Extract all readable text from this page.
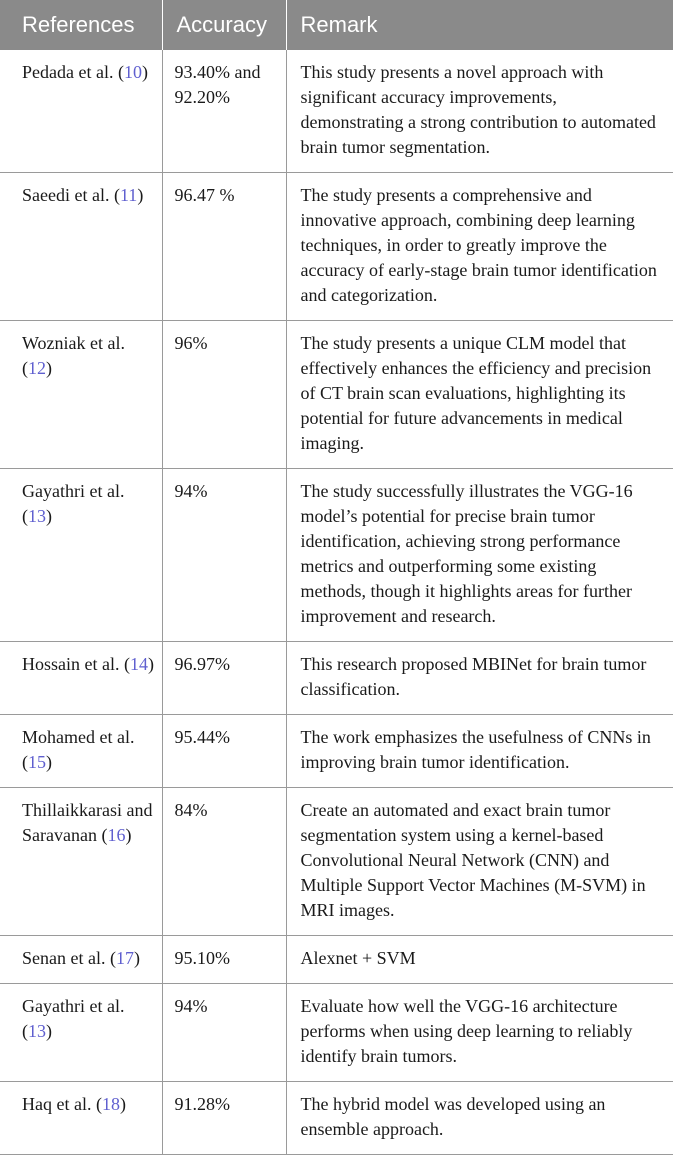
References	Accuracy	Remark

Pedada et al. (10)	93.40% and 92.20%	This study presents a novel approach with significant accuracy improvements, demonstrating a strong contribution to automated brain tumor segmentation.
Saeedi et al. (11)	96.47 %	The study presents a comprehensive and innovative approach, combining deep learning techniques, in order to greatly improve the accuracy of early-stage brain tumor identification and categorization.
Wozniak et al. (12)	96%	The study presents a unique CLM model that effectively enhances the efficiency and precision of CT brain scan evaluations, highlighting its potential for future advancements in medical imaging.
Gayathri et al. (13)	94%	The study successfully illustrates the VGG-16 model’s potential for precise brain tumor identification, achieving strong performance metrics and outperforming some existing methods, though it highlights areas for further improvement and research.
Hossain et al. (14)	96.97%	This research proposed MBINet for brain tumor classification.
Mohamed et al. (15)	95.44%	The work emphasizes the usefulness of CNNs in improving brain tumor identification.
Thillaikkarasi and Saravanan (16)	84%	Create an automated and exact brain tumor segmentation system using a kernel-based Convolutional Neural Network (CNN) and Multiple Support Vector Machines (M-SVM) in MRI images.
Senan et al. (17)	95.10%	Alexnet + SVM
Gayathri et al. (13)	94%	Evaluate how well the VGG-16 architecture performs when using deep learning to reliably identify brain tumors.
Haq et al. (18)	91.28%	The hybrid model was developed using an ensemble approach.
